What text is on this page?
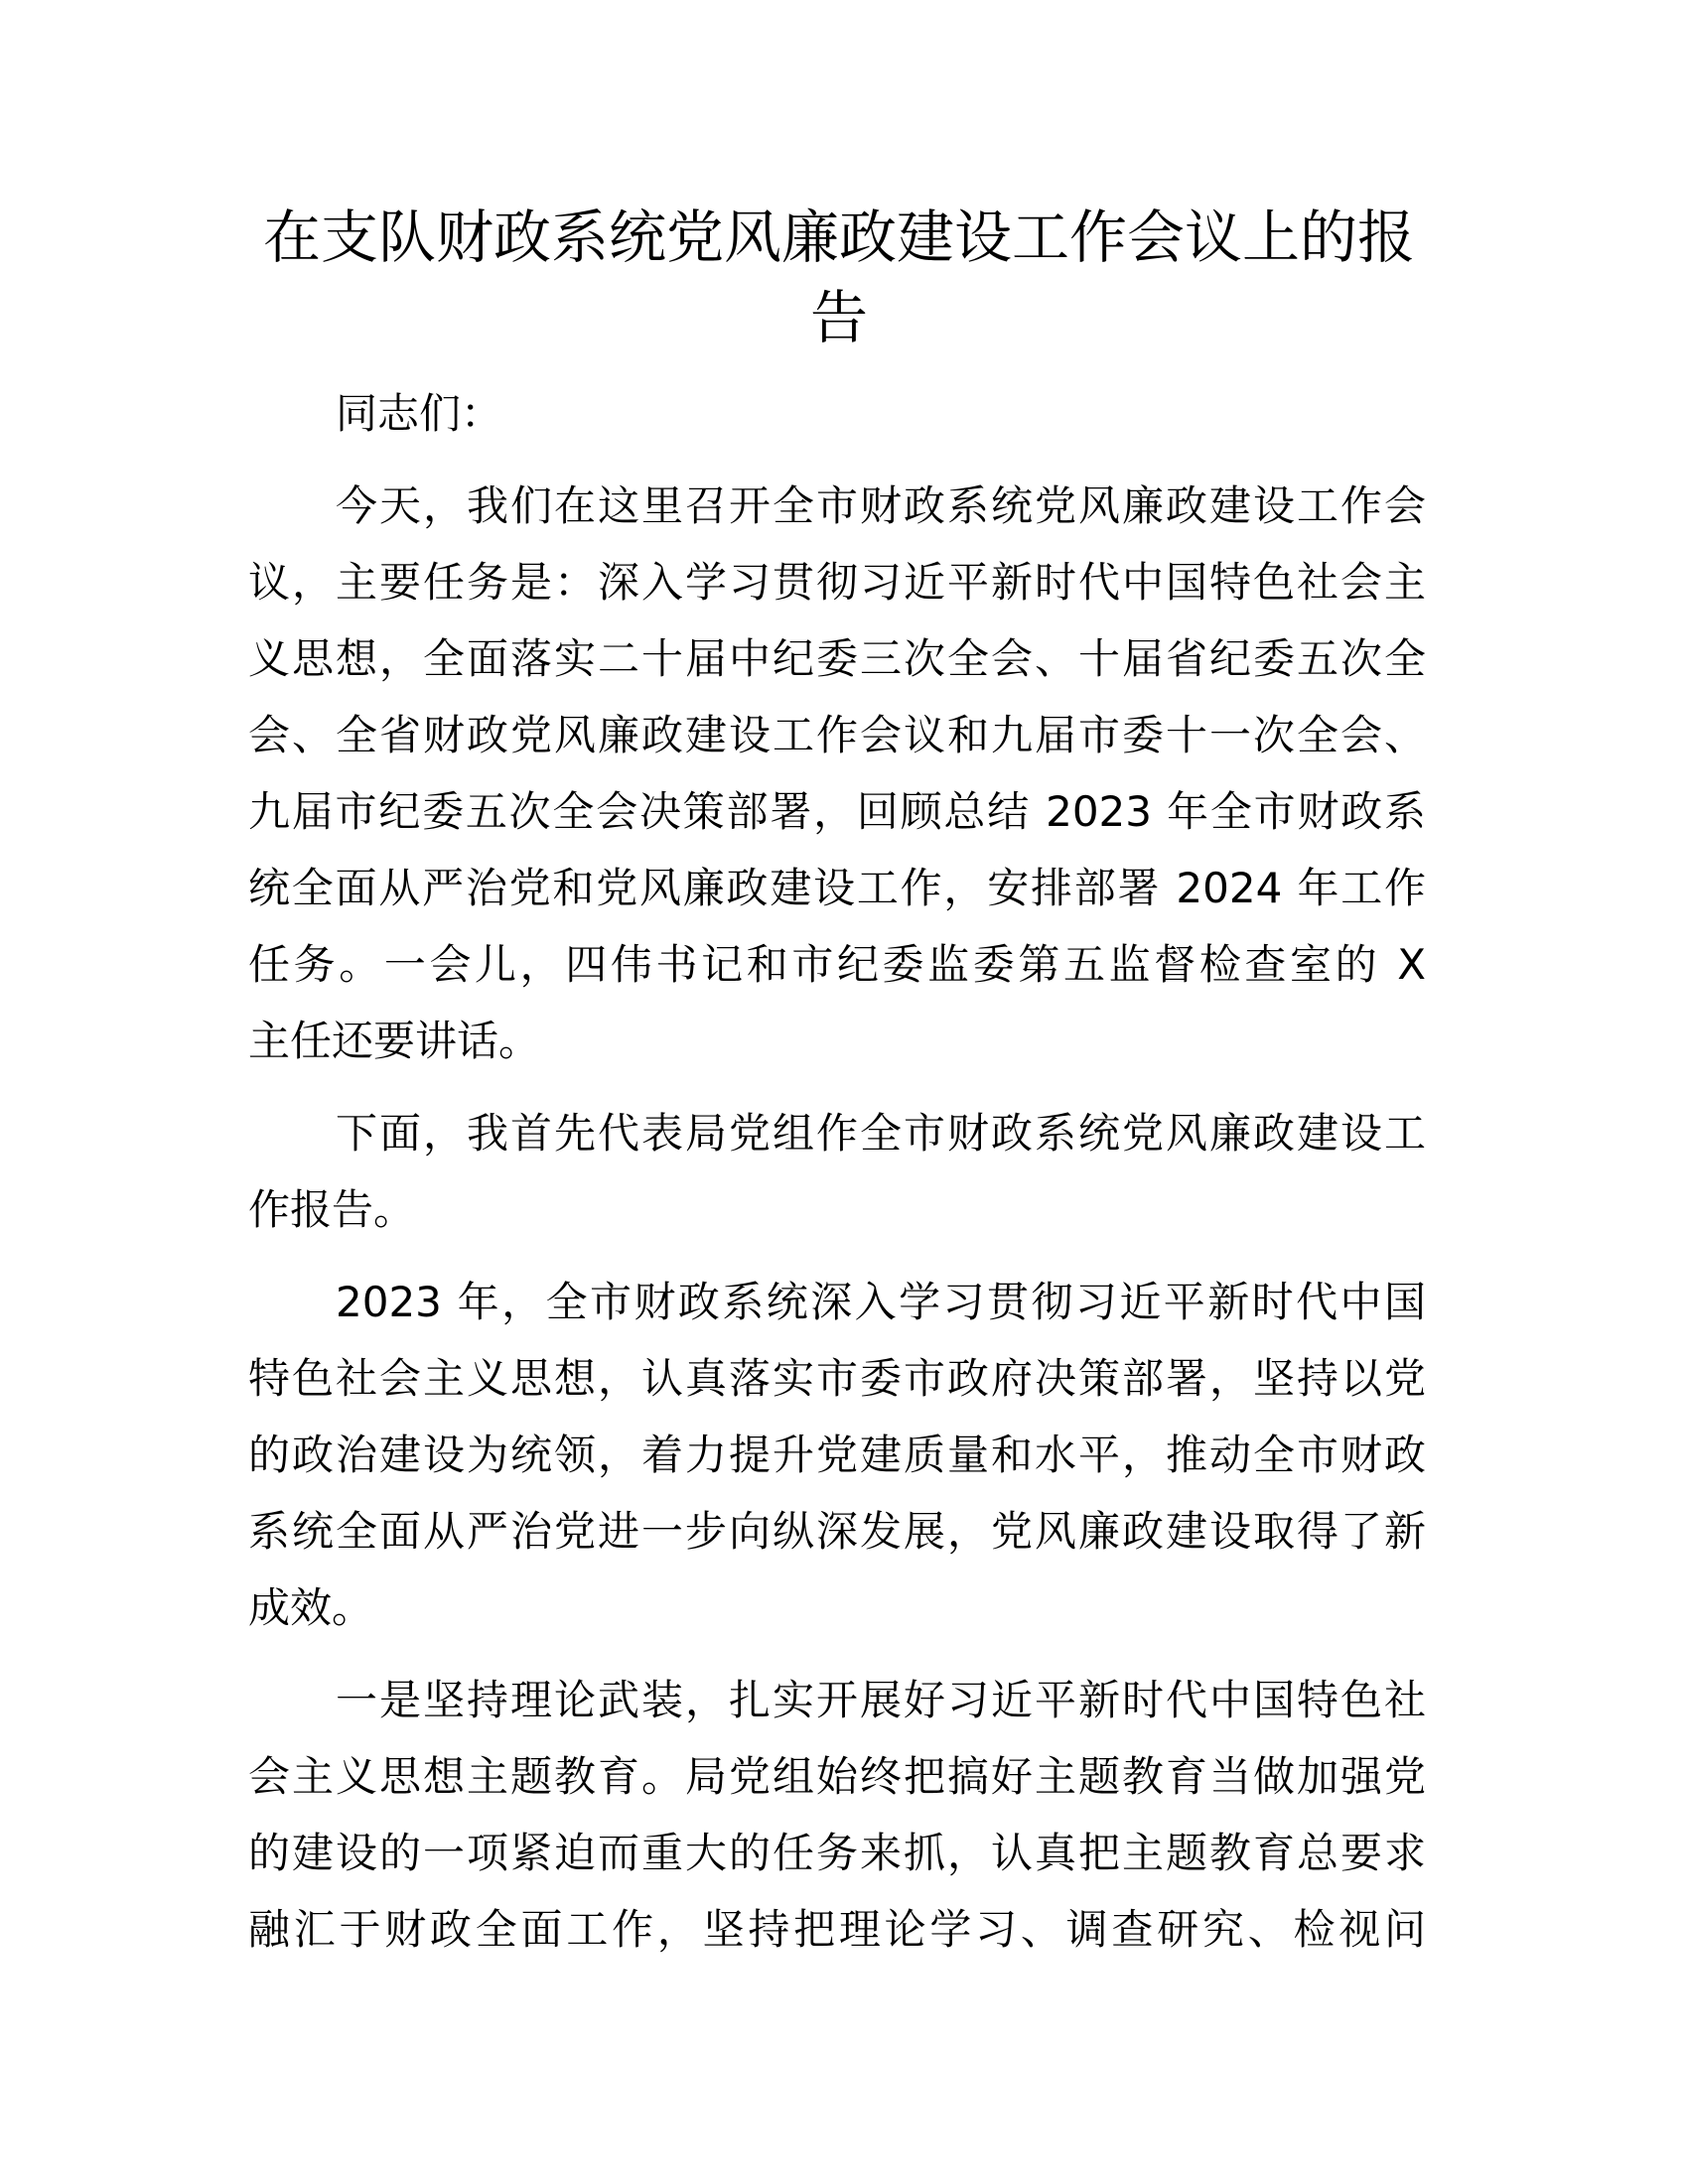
在支队财政系统党风廉政建设工作会议上的报
告
同志们：
今天，我们在这里召开全市财政系统党风廉政建设工作会
议，主要任务是：深入学习贯彻习近平新时代中国特色社会主
义思想，全面落实二十届中纪委三次全会、十届省纪委五次全
会、全省财政党风廉政建设工作会议和九届市委十一次全会、
九届市纪委五次全会决策部署，回顾总结 2023 年全市财政系
统全面从严治党和党风廉政建设工作，安排部署 2024 年工作
任务。一会儿，四伟书记和市纪委监委第五监督检查室的 X
主任还要讲话。
下面，我首先代表局党组作全市财政系统党风廉政建设工
作报告。
2023 年，全市财政系统深入学习贯彻习近平新时代中国
特色社会主义思想，认真落实市委市政府决策部署，坚持以党
的政治建设为统领，着力提升党建质量和水平，推动全市财政
系统全面从严治党进一步向纵深发展，党风廉政建设取得了新
成效。
一是坚持理论武装，扎实开展好习近平新时代中国特色社
会主义思想主题教育。局党组始终把搞好主题教育当做加强党
的建设的一项紧迫而重大的任务来抓，认真把主题教育总要求
融汇于财政全面工作，坚持把理论学习、调查研究、检视问
